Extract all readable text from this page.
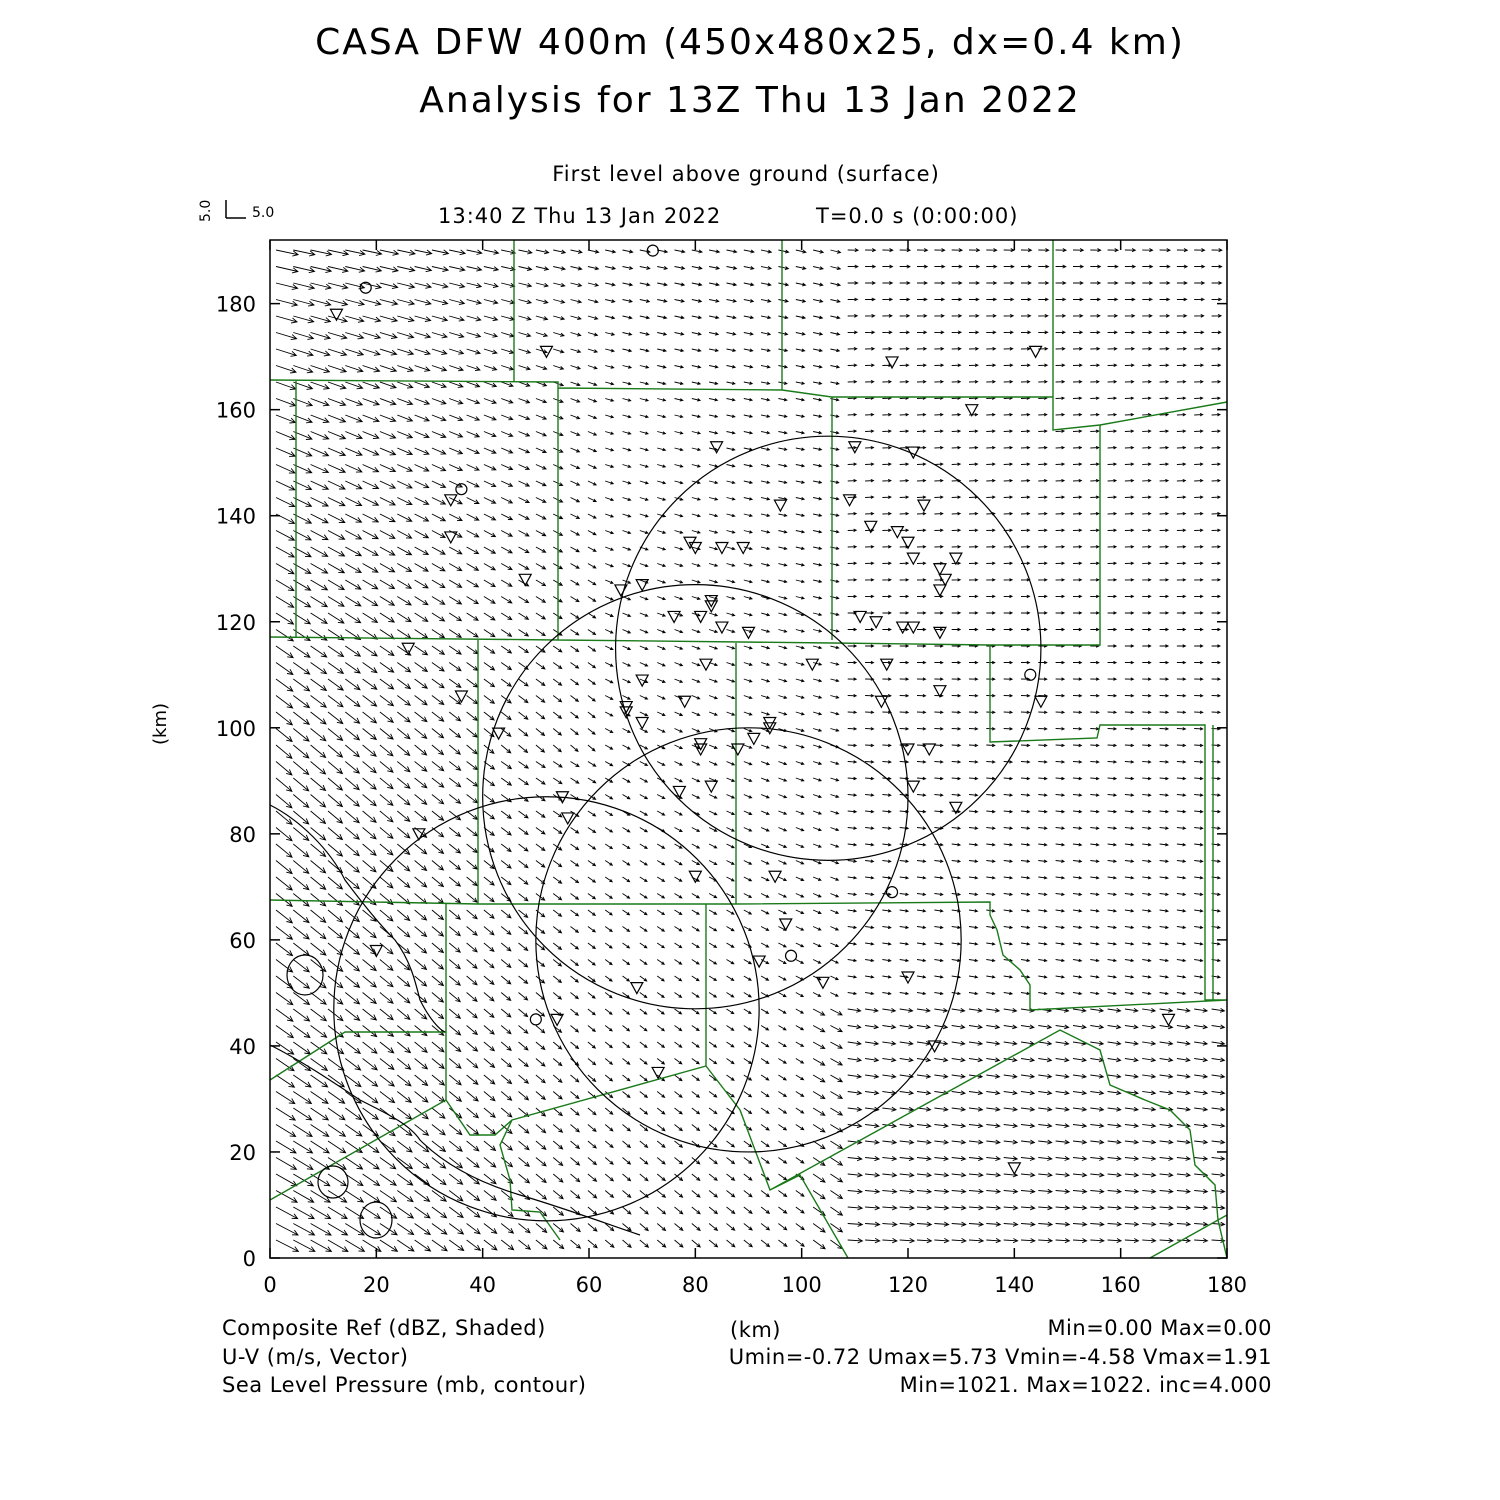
CASA DFW 400m (450x480x25, dx=0.4 km)
Analysis for 13Z Thu 13 Jan 2022
First level above ground (surface)
13:40 Z Thu 13 Jan 2022	T=0.0 s (0:00:00)
5.0	5.0
(km)
0	20	40	60	80	100	120	140	160	180
0
20
40
60
80
100
120
140
160
180
(km)
Composite Ref (dBZ, Shaded)	Min=0.00 Max=0.00
U-V (m/s, Vector)	Umin=-0.72 Umax=5.73 Vmin=-4.58 Vmax=1.91
Sea Level Pressure (mb, contour)	Min=1021. Max=1022. inc=4.000
